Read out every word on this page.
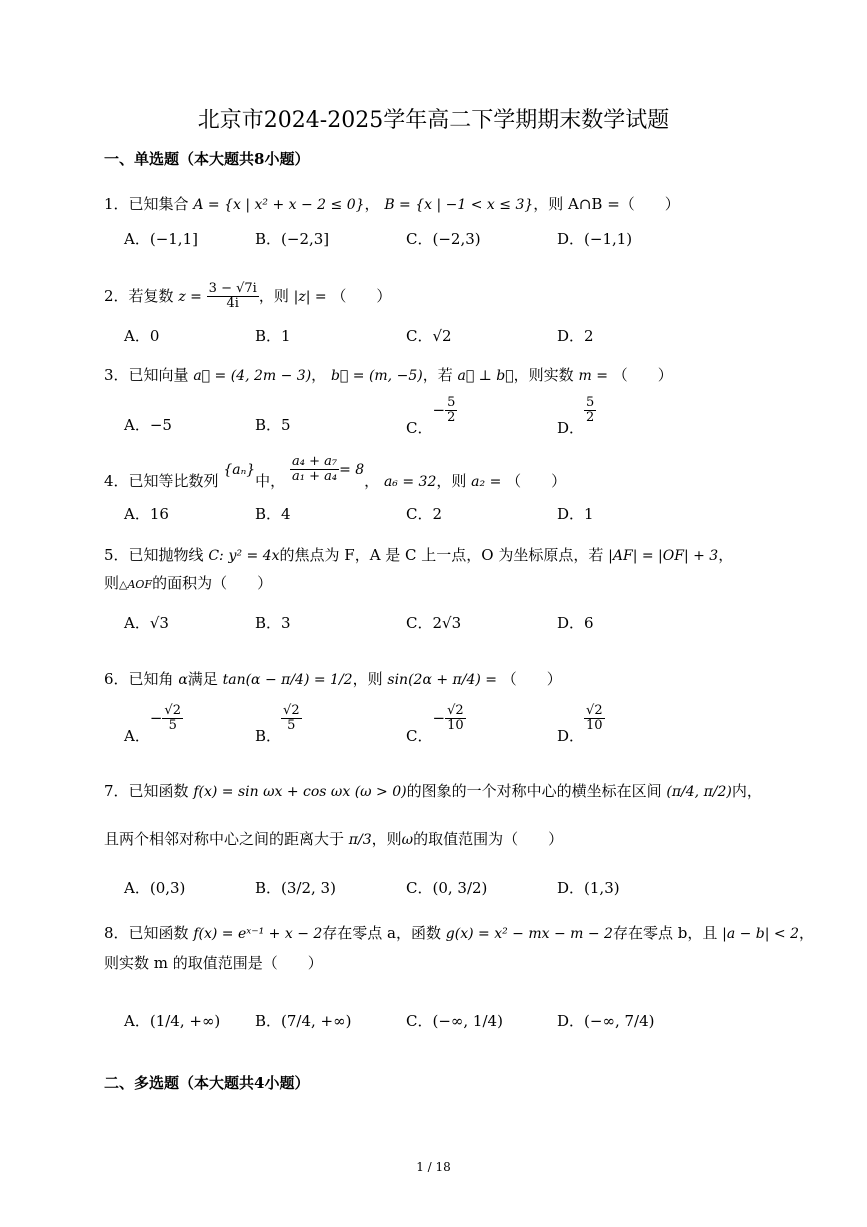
北京市2024-2025学年高二下学期期末数学试题
一、单选题（本大题共8小题）
1．已知集合 A = {x | x² + x − 2 ≤ 0}， B = {x | −1 < x ≤ 3}，则 A∩B =（　　）
A．(−1,1]	B．(−2,3]	C．(−2,3)	D．(−1,1)
2．若复数 $z = \frac{3 - √7i}{4i}$ ，则 |z| = （　　）
A．0	B．1	C．√2	D．2
3．已知向量 a⃗ = (4, 2m − 3)， b⃗ = (m, −5)，若 a⃗ ⊥ b⃗，则实数 m = （　　）
A．−5	B．5	C．− $\frac{5}{2}$
D．
$\frac{5}{2}$
4．已知等比数列 {aₙ}中， $\frac{\text{a₄ + a₇}}{\text{a₁ + a₄}} = 8$， a₆ = 32，则 a₂ = （　　）
A．16	B．4	C．2	D．1
5．已知抛物线 C: y² = 4x的焦点为 F，A 是 C 上一点，O 为坐标原点，若 |AF| = |OF| + 3，
则△AOF的面积为（　　）
A．√3	B．3	C．2√3	D．6
6．已知角 α满足 tan(α − π/4) = 1/2，则 sin(2α + π/4) = （　　）
A．− $\frac{√2}{5}$
B．
$\frac{√2}{5}$
C．− $\frac{√2}{10}$
D．
$\frac{√2}{10}$
7．已知函数 f(x) = sin ωx + cos ωx (ω > 0)的图象的一个对称中心的横坐标在区间 (π/4, π/2)内，
且两个相邻对称中心之间的距离大于 π/3，则ω的取值范围为（　　）
A．(0,3)	B．(3/2, 3)	C．(0, 3/2)	D．(1,3)
8．已知函数 f(x) = eˣ⁻¹ + x − 2存在零点 a，函数 g(x) = x² − mx − m − 2存在零点 b，且 |a − b| < 2，
则实数 m 的取值范围是（　　）
A．(1/4, +∞) B．(7/4, +∞)	C．(−∞, 1/4)	D．(−∞, 7/4)
二、多选题（本大题共4小题）
1 / 18
